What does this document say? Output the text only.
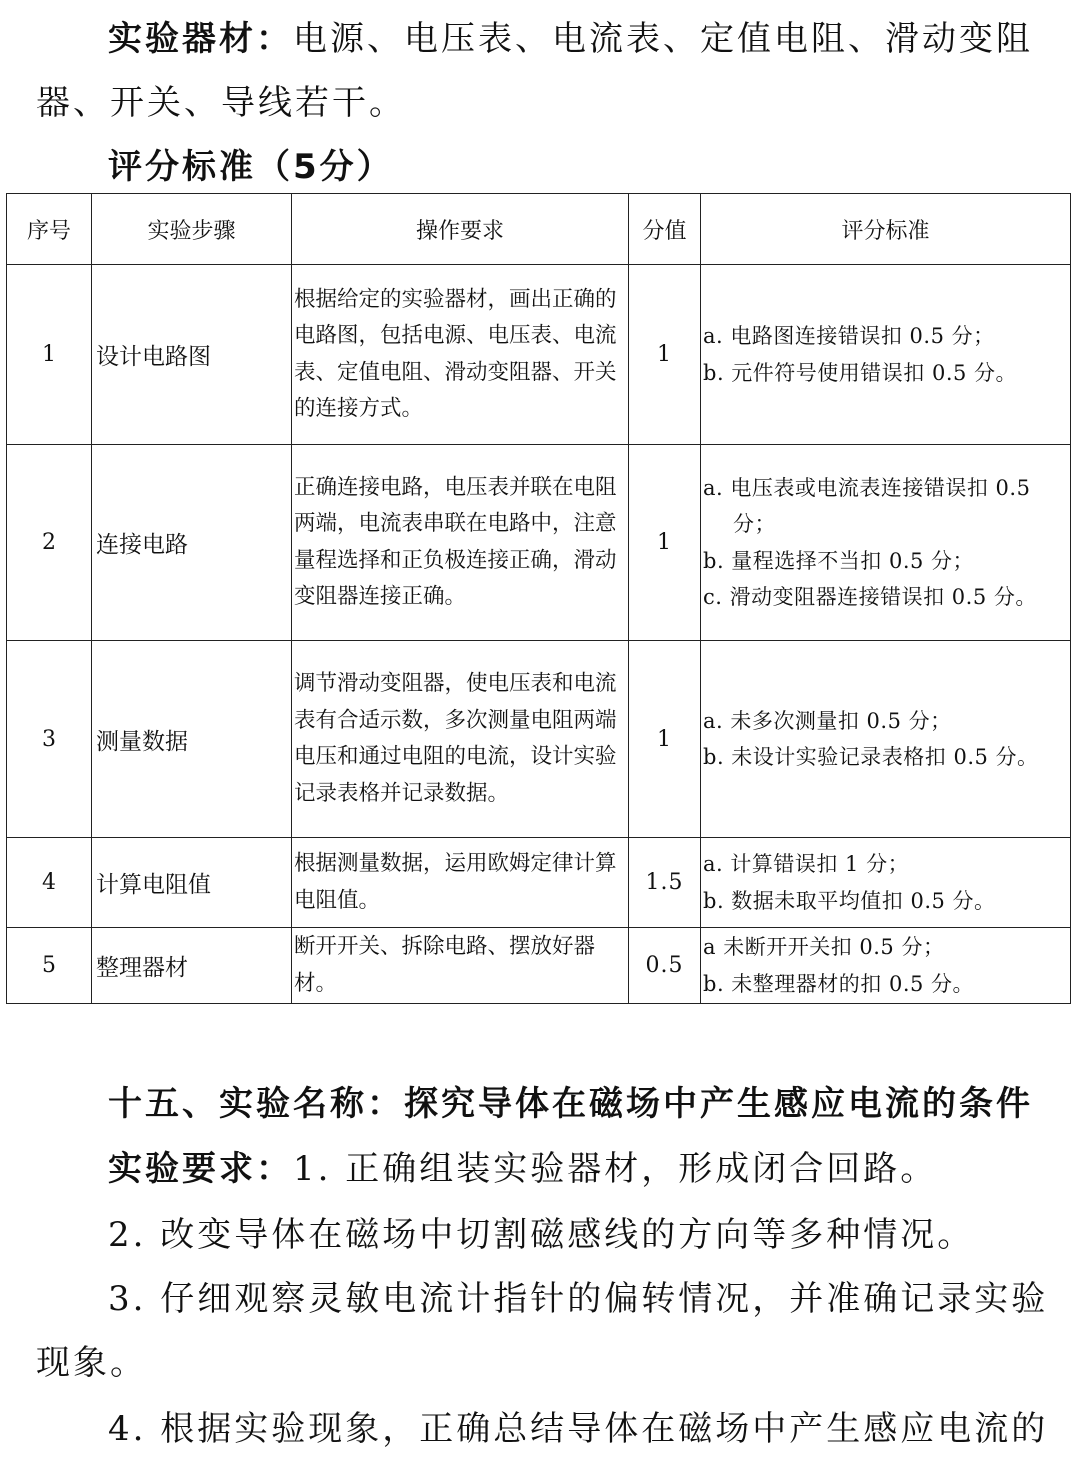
实验器材：电源、电压表、电流表、定值电阻、滑动变阻
器、开关、导线若干。
评分标准（5分）
序号	实验步骤	操作要求	分值	评分标准
1	设计电路图	根据给定的实验器材，画出正确的电路图，包括电源、电压表、电流表、定值电阻、滑动变阻器、开关的连接方式。	1	a. 电路图连接错误扣 0.5 分；
b. 元件符号使用错误扣 0.5 分。

2	连接电路	正确连接电路，电压表并联在电阻两端，电流表串联在电路中，注意量程选择和正负极连接正确，滑动变阻器连接正确。	1	a. 电压表或电流表连接错误扣 0.5
分；
b. 量程选择不当扣 0.5 分；
c. 滑动变阻器连接错误扣 0.5 分。

3	测量数据	调节滑动变阻器，使电压表和电流表有合适示数，多次测量电阻两端电压和通过电阻的电流，设计实验记录表格并记录数据。	1	a. 未多次测量扣 0.5 分；
b. 未设计实验记录表格扣 0.5 分。

4	计算电阻值	根据测量数据，运用欧姆定律计算电阻值。	1.5	a. 计算错误扣 1 分；
b. 数据未取平均值扣 0.5 分。

5	整理器材	断开开关、拆除电路、摆放好器材。	0.5	a 未断开开关扣 0.5 分；
b. 未整理器材的扣 0.5 分。
十五、实验名称：探究导体在磁场中产生感应电流的条件
实验要求：1. 正确组装实验器材，形成闭合回路。
2. 改变导体在磁场中切割磁感线的方向等多种情况。
3. 仔细观察灵敏电流计指针的偏转情况，并准确记录实验
现象。
4. 根据实验现象，正确总结导体在磁场中产生感应电流的
